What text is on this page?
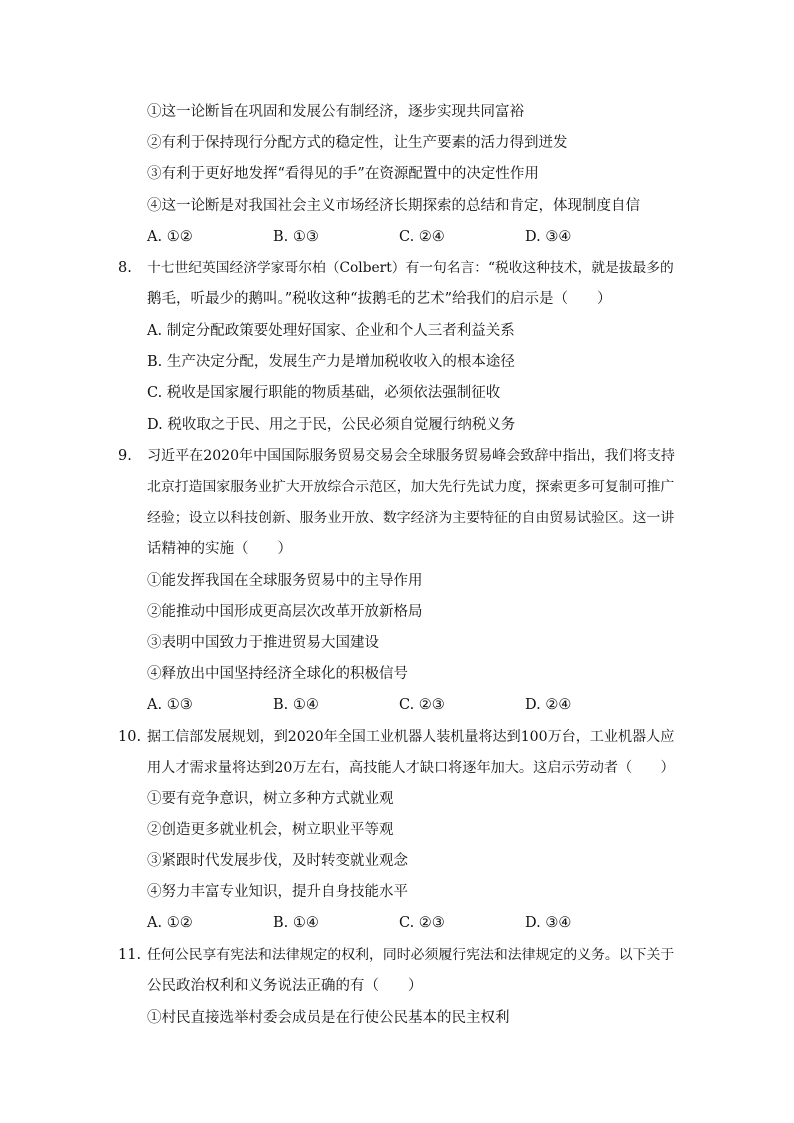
①这一论断旨在巩固和发展公有制经济，逐步实现共同富裕
②有利于保持现行分配方式的稳定性，让生产要素的活力得到迸发
③有利于更好地发挥“看得见的手”在资源配置中的决定性作用
④这一论断是对我国社会主义市场经济长期探索的总结和肯定，体现制度自信
A. ①②	B. ①③	C. ②④	D. ③④
8. 十七世纪英国经济学家哥尔柏（Colbert）有一句名言：“税收这种技术，就是拔最多的
鹅毛，听最少的鹅叫。”税收这种“拔鹅毛的艺术”给我们的启示是（　　）
A. 制定分配政策要处理好国家、企业和个人三者利益关系
B. 生产决定分配，发展生产力是增加税收收入的根本途径
C. 税收是国家履行职能的物质基础，必须依法强制征收
D. 税收取之于民、用之于民，公民必须自觉履行纳税义务
9. 习近平在2020年中国国际服务贸易交易会全球服务贸易峰会致辞中指出，我们将支持
北京打造国家服务业扩大开放综合示范区，加大先行先试力度，探索更多可复制可推广
经验；设立以科技创新、服务业开放、数字经济为主要特征的自由贸易试验区。这一讲
话精神的实施（　　）
①能发挥我国在全球服务贸易中的主导作用
②能推动中国形成更高层次改革开放新格局
③表明中国致力于推进贸易大国建设
④释放出中国坚持经济全球化的积极信号
A. ①③	B. ①④	C. ②③	D. ②④
10. 据工信部发展规划，到2020年全国工业机器人装机量将达到100万台，工业机器人应
用人才需求量将达到20万左右，高技能人才缺口将逐年加大。这启示劳动者（　　）
①要有竞争意识，树立多种方式就业观
②创造更多就业机会，树立职业平等观
③紧跟时代发展步伐，及时转变就业观念
④努力丰富专业知识，提升自身技能水平
A. ①②	B. ①④	C. ②③	D. ③④
11. 任何公民享有宪法和法律规定的权利，同时必须履行宪法和法律规定的义务。以下关于
公民政治权利和义务说法正确的有（　　）
①村民直接选举村委会成员是在行使公民基本的民主权利
